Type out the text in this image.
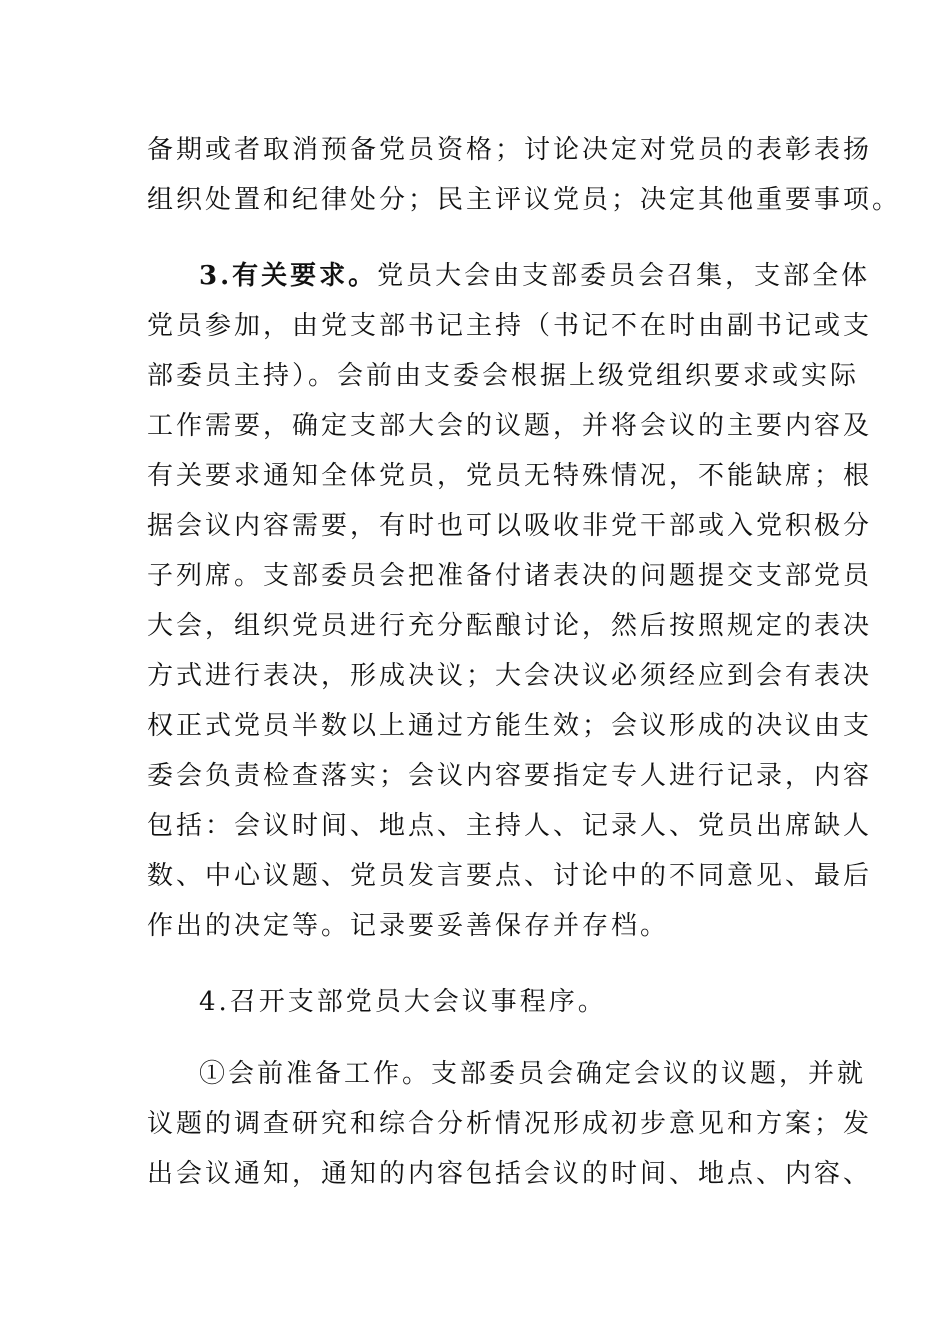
备期或者取消预备党员资格；讨论决定对党员的表彰表扬
组织处置和纪律处分；民主评议党员；决定其他重要事项。

3.有关要求。党员大会由支部委员会召集，支部全体
党员参加，由党支部书记主持（书记不在时由副书记或支
部委员主持）。会前由支委会根据上级党组织要求或实际
工作需要，确定支部大会的议题，并将会议的主要内容及
有关要求通知全体党员，党员无特殊情况，不能缺席；根
据会议内容需要，有时也可以吸收非党干部或入党积极分
子列席。支部委员会把准备付诸表决的问题提交支部党员
大会，组织党员进行充分酝酿讨论，然后按照规定的表决
方式进行表决，形成决议；大会决议必须经应到会有表决
权正式党员半数以上通过方能生效；会议形成的决议由支
委会负责检查落实；会议内容要指定专人进行记录，内容
包括：会议时间、地点、主持人、记录人、党员出席缺人
数、中心议题、党员发言要点、讨论中的不同意见、最后
作出的决定等。记录要妥善保存并存档。

4.召开支部党员大会议事程序。

①会前准备工作。支部委员会确定会议的议题，并就
议题的调查研究和综合分析情况形成初步意见和方案；发
出会议通知，通知的内容包括会议的时间、地点、内容、
